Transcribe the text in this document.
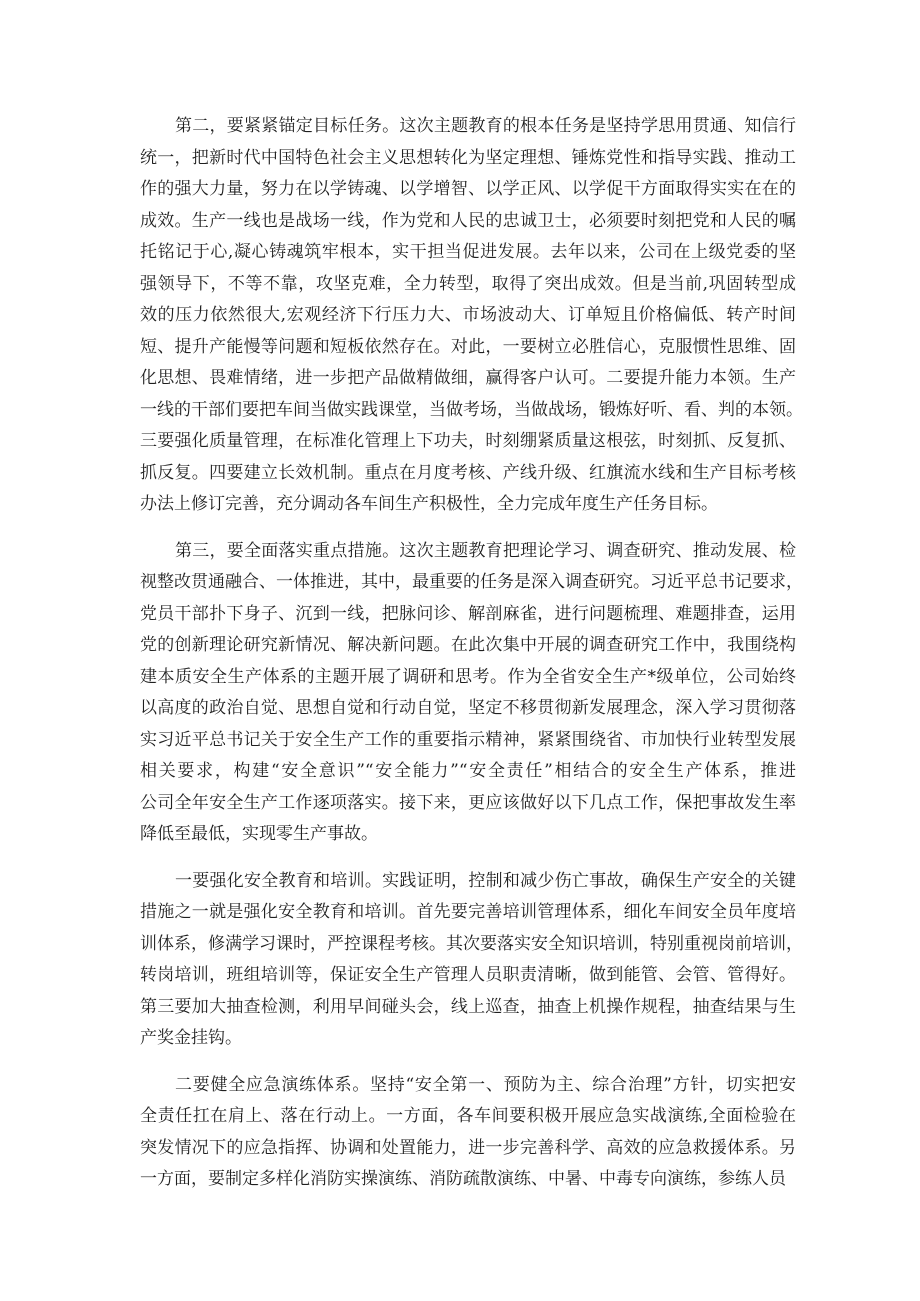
第二，要紧紧锚定目标任务。这次主题教育的根本任务是坚持学思用贯通、知信行
统一，把新时代中国特色社会主义思想转化为坚定理想、锤炼党性和指导实践、推动工
作的强大力量，努力在以学铸魂、以学增智、以学正风、以学促干方面取得实实在在的
成效。生产一线也是战场一线，作为党和人民的忠诚卫士，必须要时刻把党和人民的嘱
托铭记于心,凝心铸魂筑牢根本，实干担当促进发展。去年以来，公司在上级党委的坚
强领导下，不等不靠，攻坚克难，全力转型，取得了突出成效。但是当前,巩固转型成
效的压力依然很大,宏观经济下行压力大、市场波动大、订单短且价格偏低、转产时间
短、提升产能慢等问题和短板依然存在。对此，一要树立必胜信心，克服惯性思维、固
化思想、畏难情绪，进一步把产品做精做细，赢得客户认可。二要提升能力本领。生产
一线的干部们要把车间当做实践课堂，当做考场，当做战场，锻炼好听、看、判的本领。
三要强化质量管理，在标准化管理上下功夫，时刻绷紧质量这根弦，时刻抓、反复抓、
抓反复。四要建立长效机制。重点在月度考核、产线升级、红旗流水线和生产目标考核
办法上修订完善，充分调动各车间生产积极性，全力完成年度生产任务目标。
第三，要全面落实重点措施。这次主题教育把理论学习、调查研究、推动发展、检
视整改贯通融合、一体推进，其中，最重要的任务是深入调查研究。习近平总书记要求，
党员干部扑下身子、沉到一线，把脉问诊、解剖麻雀，进行问题梳理、难题排查，运用
党的创新理论研究新情况、解决新问题。在此次集中开展的调查研究工作中，我围绕构
建本质安全生产体系的主题开展了调研和思考。作为全省安全生产*级单位，公司始终
以高度的政治自觉、思想自觉和行动自觉，坚定不移贯彻新发展理念，深入学习贯彻落
实习近平总书记关于安全生产工作的重要指示精神，紧紧围绕省、市加快行业转型发展
相关要求，构建“安全意识”“安全能力”“安全责任”相结合的安全生产体系，推进
公司全年安全生产工作逐项落实。接下来，更应该做好以下几点工作，保把事故发生率
降低至最低，实现零生产事故。
一要强化安全教育和培训。实践证明，控制和减少伤亡事故，确保生产安全的关键
措施之一就是强化安全教育和培训。首先要完善培训管理体系，细化车间安全员年度培
训体系，修满学习课时，严控课程考核。其次要落实安全知识培训，特别重视岗前培训，
转岗培训，班组培训等，保证安全生产管理人员职责清晰，做到能管、会管、管得好。
第三要加大抽查检测，利用早间碰头会，线上巡查，抽查上机操作规程，抽查结果与生
产奖金挂钩。
二要健全应急演练体系。坚持“安全第一、预防为主、综合治理”方针，切实把安
全责任扛在肩上、落在行动上。一方面，各车间要积极开展应急实战演练,全面检验在
突发情况下的应急指挥、协调和处置能力，进一步完善科学、高效的应急救援体系。另
一方面，要制定多样化消防实操演练、消防疏散演练、中暑、中毒专向演练，参练人员
